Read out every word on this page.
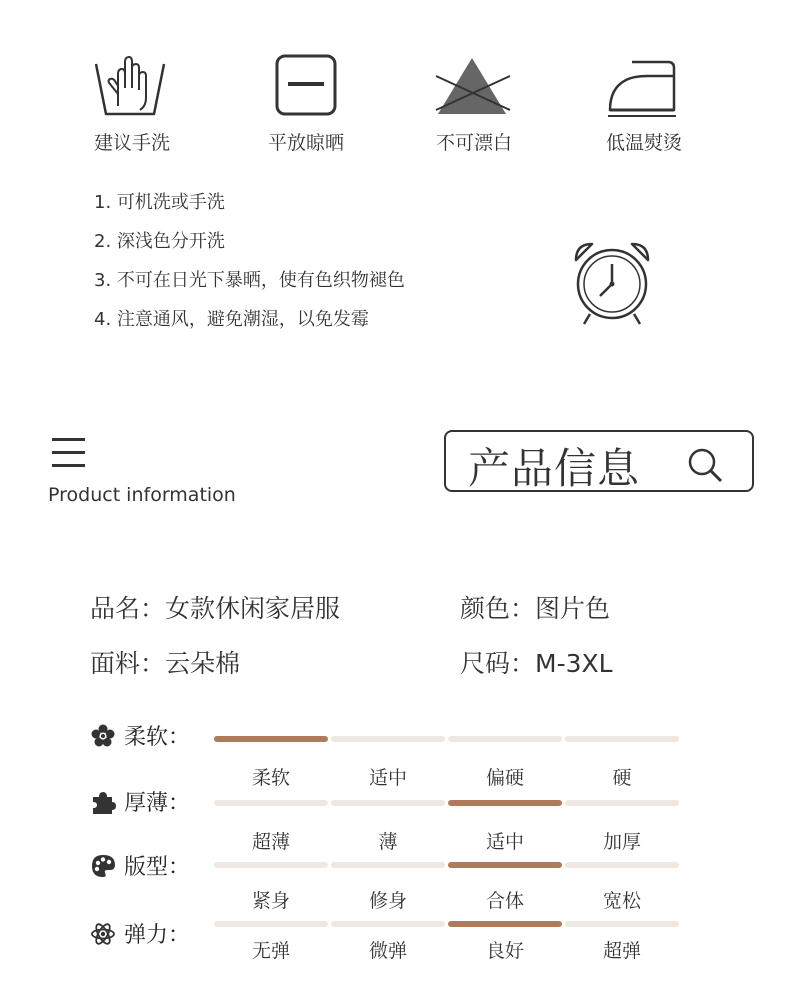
建议手洗	平放晾晒	不可漂白	低温熨烫
1. 可机洗或手洗
2. 深浅色分开洗
3. 不可在日光下暴晒，使有色织物褪色
4. 注意通风，避免潮湿，以免发霉
Product information
产品信息
品名：女款休闲家居服	颜色：图片色
面料：云朵棉	尺码：M-3XL
柔软：
柔软	适中	偏硬	硬
厚薄：
超薄	薄	适中	加厚
版型：
紧身	修身	合体	宽松
弹力：
无弹	微弹	良好	超弹
